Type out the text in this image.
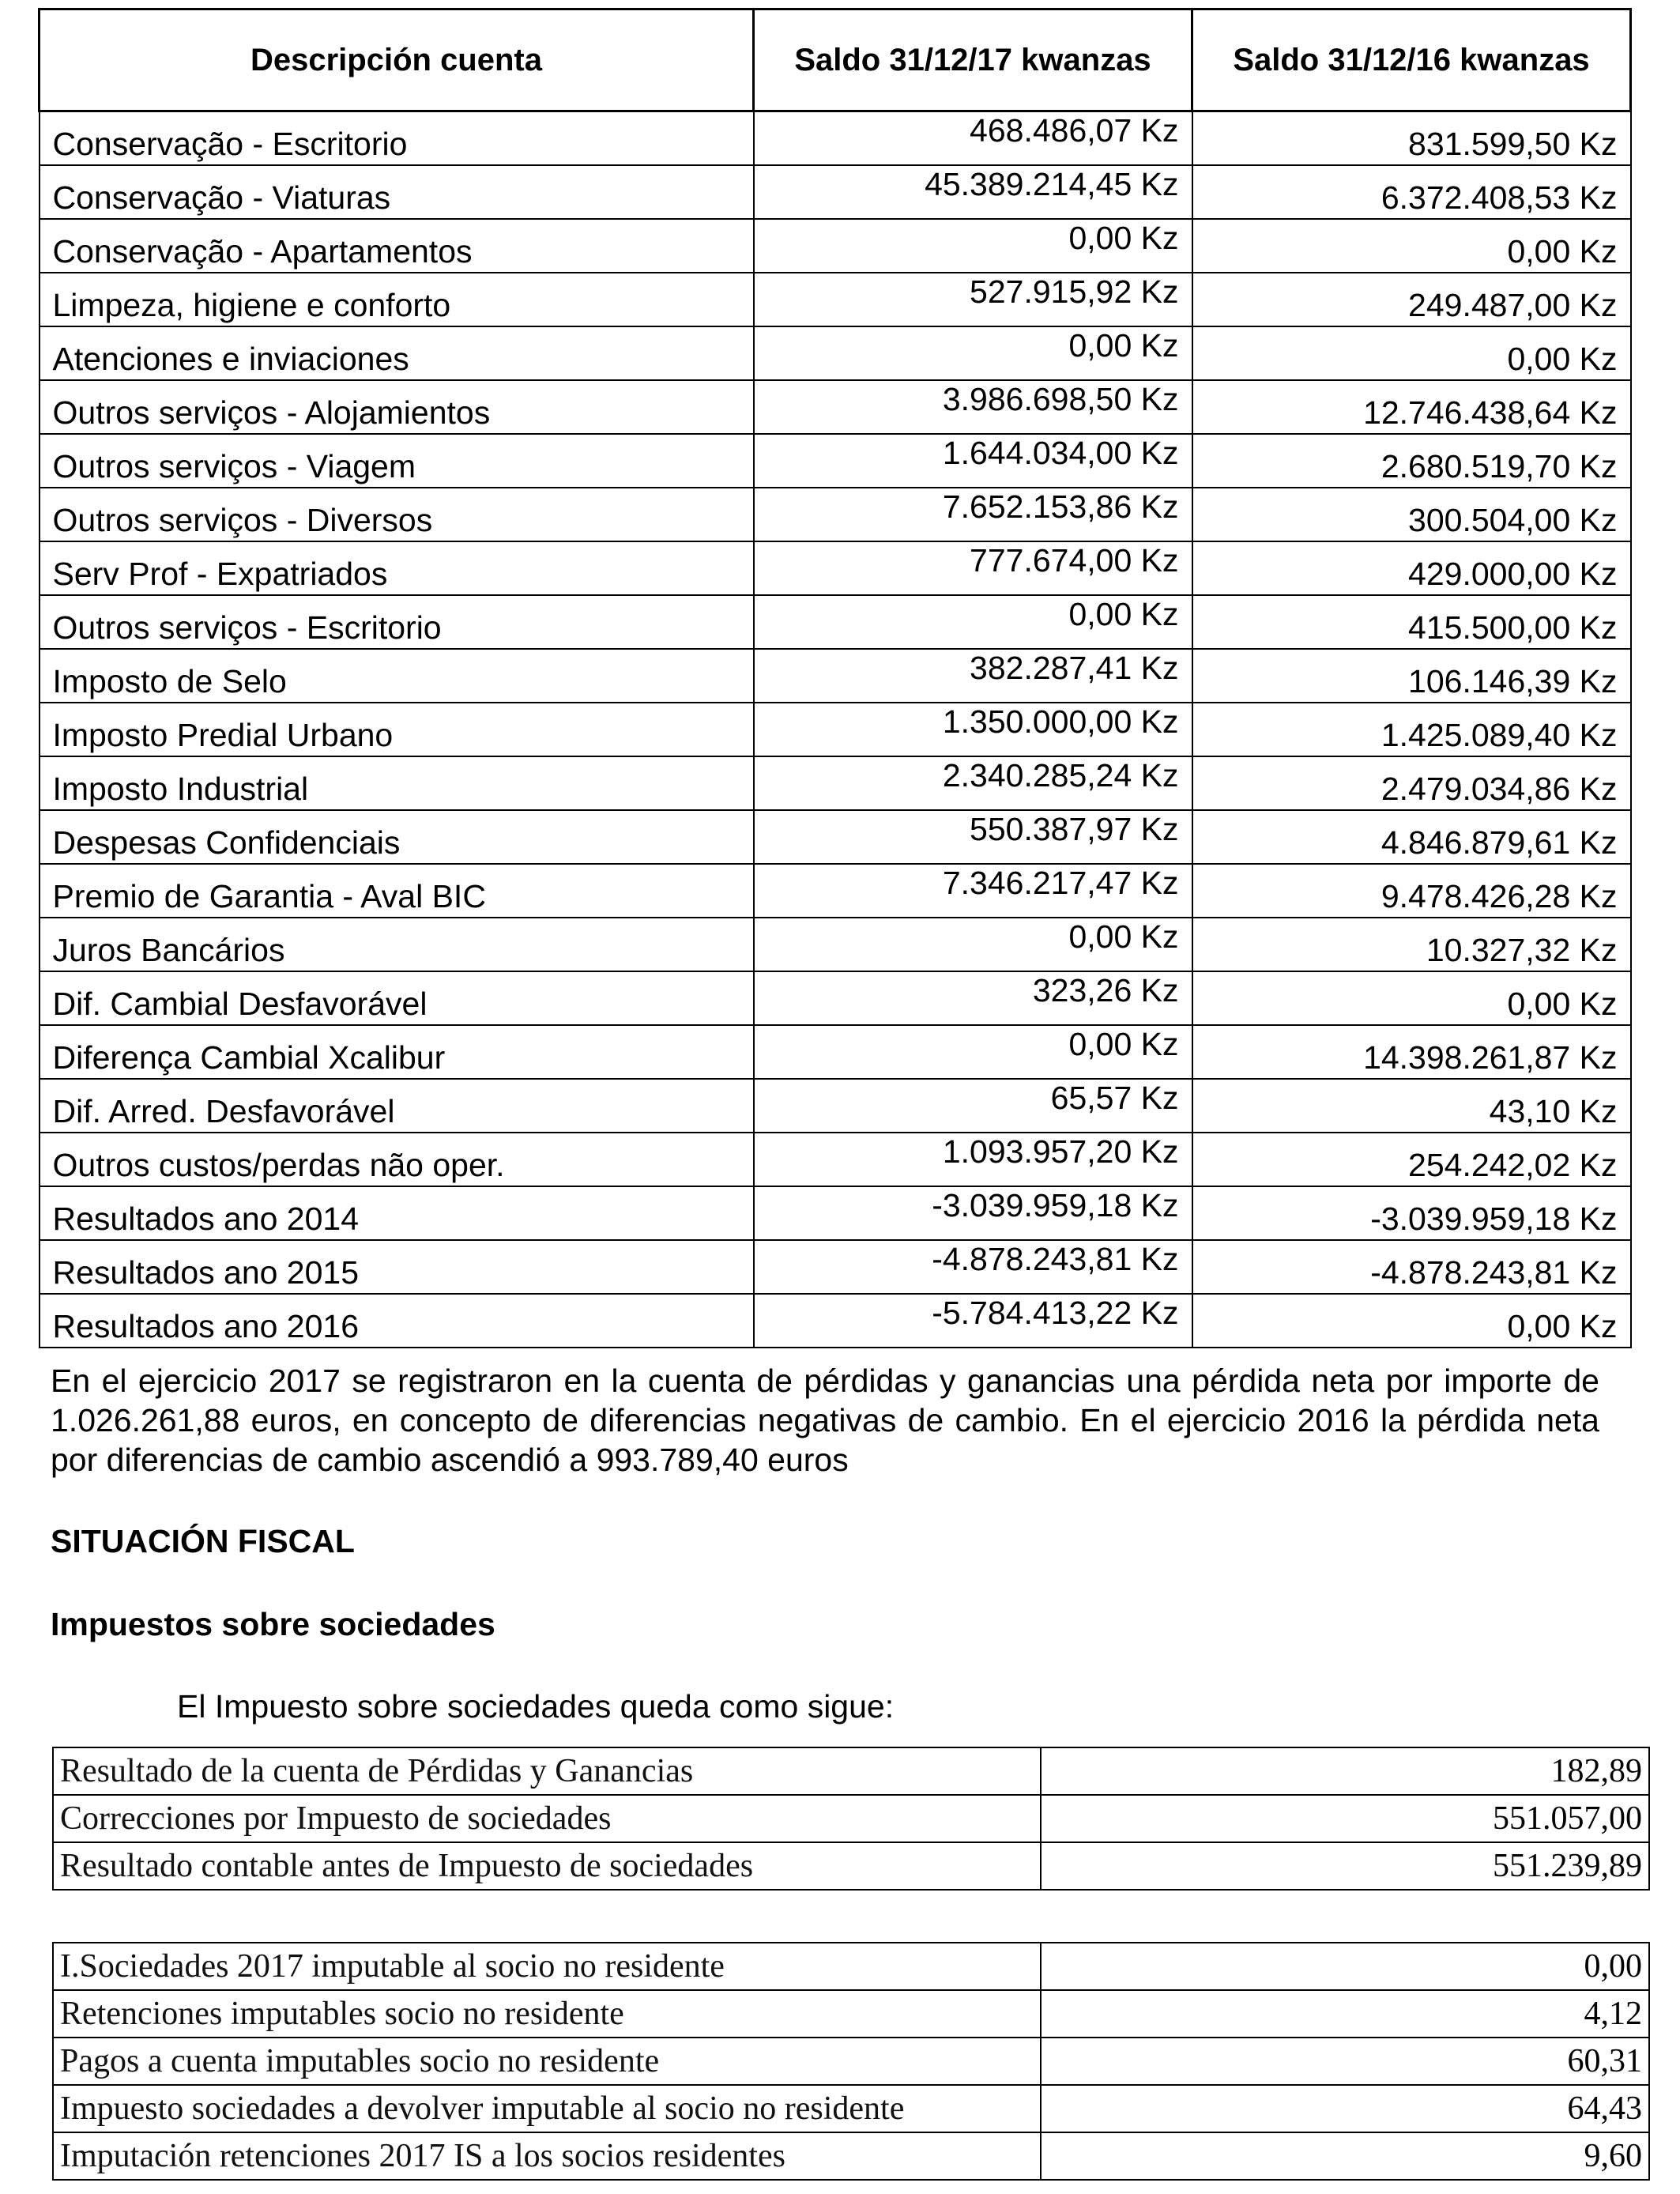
Descripción cuenta	Saldo 31/12/17 kwanzas	Saldo 31/12/16 kwanzas
Conservação - Escritorio	468.486,07 Kz	831.599,50 Kz
Conservação - Viaturas	45.389.214,45 Kz	6.372.408,53 Kz
Conservação - Apartamentos	0,00 Kz	0,00 Kz
Limpeza, higiene e conforto	527.915,92 Kz	249.487,00 Kz
Atenciones e inviaciones	0,00 Kz	0,00 Kz
Outros serviços - Alojamientos	3.986.698,50 Kz	12.746.438,64 Kz
Outros serviços - Viagem	1.644.034,00 Kz	2.680.519,70 Kz
Outros serviços - Diversos	7.652.153,86 Kz	300.504,00 Kz
Serv Prof - Expatriados	777.674,00 Kz	429.000,00 Kz
Outros serviços - Escritorio	0,00 Kz	415.500,00 Kz
Imposto de Selo	382.287,41 Kz	106.146,39 Kz
Imposto Predial Urbano	1.350.000,00 Kz	1.425.089,40 Kz
Imposto Industrial	2.340.285,24 Kz	2.479.034,86 Kz
Despesas Confidenciais	550.387,97 Kz	4.846.879,61 Kz
Premio de Garantia - Aval BIC	7.346.217,47 Kz	9.478.426,28 Kz
Juros Bancários	0,00 Kz	10.327,32 Kz
Dif. Cambial Desfavorável	323,26 Kz	0,00 Kz
Diferença Cambial Xcalibur	0,00 Kz	14.398.261,87 Kz
Dif. Arred. Desfavorável	65,57 Kz	43,10 Kz
Outros custos/perdas não oper.	1.093.957,20 Kz	254.242,02 Kz
Resultados ano 2014	-3.039.959,18 Kz	-3.039.959,18 Kz
Resultados ano 2015	-4.878.243,81 Kz	-4.878.243,81 Kz
Resultados ano 2016	-5.784.413,22 Kz	0,00 Kz

En el ejercicio 2017 se registraron en la cuenta de pérdidas y ganancias una pérdida neta por importe de 1.026.261,88 euros, en concepto de diferencias negativas de cambio. En el ejercicio 2016 la pérdida neta por diferencias de cambio ascendió a 993.789,40 euros

SITUACIÓN FISCAL
Impuestos sobre sociedades

El Impuesto sobre sociedades queda como sigue:

Resultado de la cuenta de Pérdidas y Ganancias	182,89
Correcciones por Impuesto de sociedades	551.057,00
Resultado contable antes de Impuesto de sociedades	551.239,89
I.Sociedades 2017 imputable al socio no residente	0,00
Retenciones imputables socio no residente	4,12
Pagos a cuenta imputables socio no residente	60,31
Impuesto sociedades a devolver imputable al socio no residente	64,43
Imputación retenciones 2017 IS a los socios residentes	9,60
